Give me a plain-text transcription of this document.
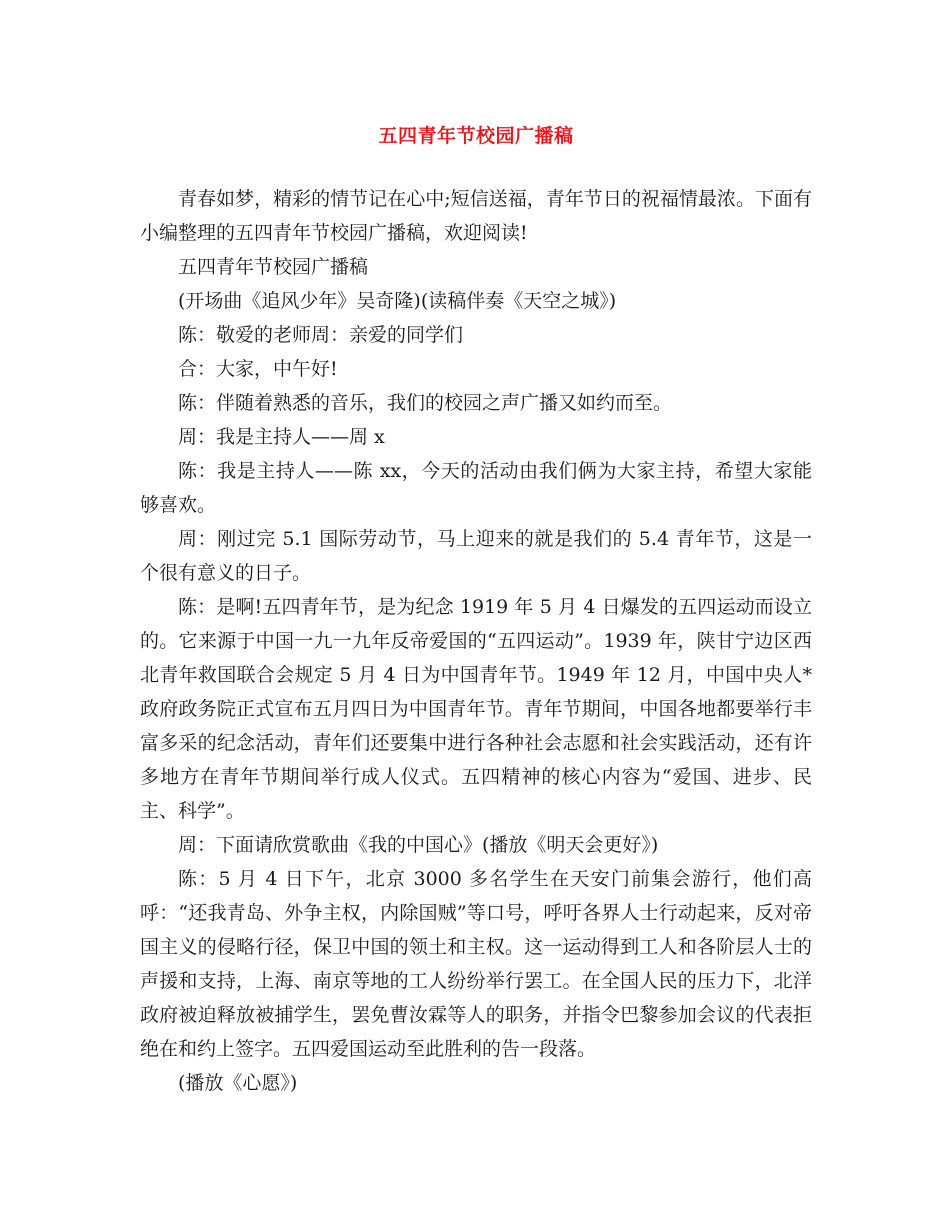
五四青年节校园广播稿

青春如梦，精彩的情节记在心中;短信送福，青年节日的祝福情最浓。下面有小编整理的五四青年节校园广播稿，欢迎阅读!

五四青年节校园广播稿

(开场曲《追风少年》吴奇隆)(读稿伴奏《天空之城》)

陈：敬爱的老师周：亲爱的同学们

合：大家，中午好!

陈：伴随着熟悉的音乐，我们的校园之声广播又如约而至。

周：我是主持人——周 x

陈：我是主持人——陈 xx，今天的活动由我们俩为大家主持，希望大家能够喜欢。

周：刚过完 5.1 国际劳动节，马上迎来的就是我们的 5.4 青年节，这是一个很有意义的日子。

陈：是啊!五四青年节，是为纪念 1919 年 5 月 4 日爆发的五四运动而设立的。它来源于中国一九一九年反帝爱国的“五四运动”。1939 年，陕甘宁边区西北青年救国联合会规定 5 月 4 日为中国青年节。1949 年 12 月，中国中央人*政府政务院正式宣布五月四日为中国青年节。青年节期间，中国各地都要举行丰富多采的纪念活动，青年们还要集中进行各种社会志愿和社会实践活动，还有许多地方在青年节期间举行成人仪式。五四精神的核心内容为“爱国、进步、民主、科学”。

周：下面请欣赏歌曲《我的中国心》(播放《明天会更好》)

陈：5 月 4 日下午，北京 3000 多名学生在天安门前集会游行，他们高呼：“还我青岛、外争主权，内除国贼”等口号，呼吁各界人士行动起来，反对帝国主义的侵略行径，保卫中国的领土和主权。这一运动得到工人和各阶层人士的声援和支持，上海、南京等地的工人纷纷举行罢工。在全国人民的压力下，北洋政府被迫释放被捕学生，罢免曹汝霖等人的职务，并指令巴黎参加会议的代表拒绝在和约上签字。五四爱国运动至此胜利的告一段落。

(播放《心愿》)
